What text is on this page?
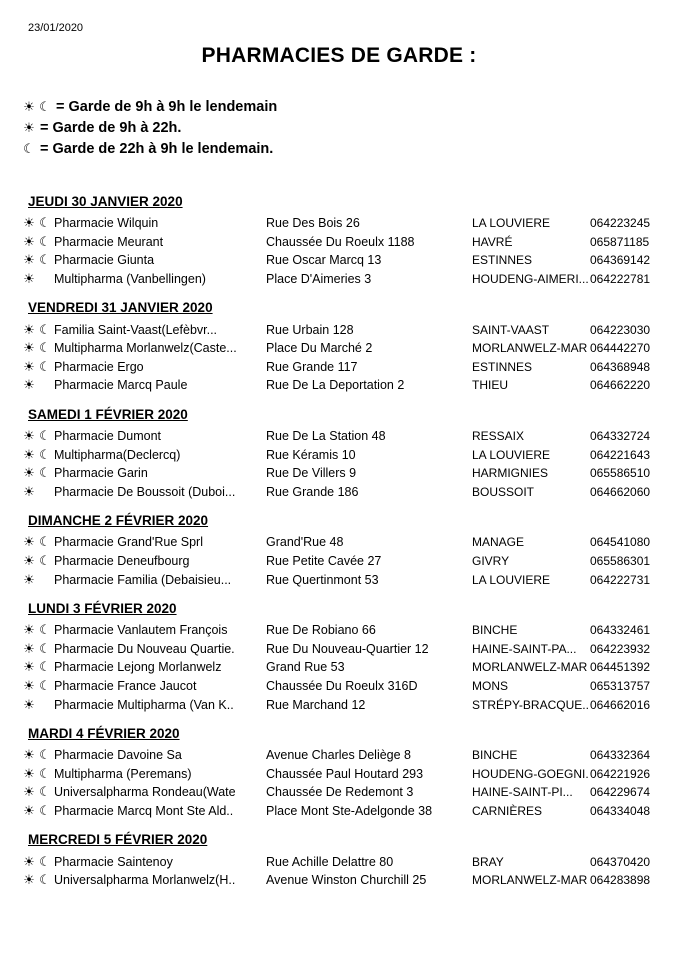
23/01/2020
PHARMACIES DE GARDE :
☀ ☾ = Garde de 9h à 9h le lendemain
☀ = Garde de 9h à 22h.
☾ = Garde de 22h à 9h le lendemain.
JEUDI 30 JANVIER 2020
☀ ☾ Pharmacie Wilquin	Rue Des Bois 26	LA LOUVIERE	064223245
☀ ☾ Pharmacie Meurant	Chaussée Du Roeulx 1188	HAVRÉ	065871185
☀ ☾ Pharmacie Giunta	Rue Oscar Marcq 13	ESTINNES	064369142
☀ Multipharma (Vanbellingen)	Place D'Aimeries 3	HOUDENG-AIMERI... 064222781
VENDREDI 31 JANVIER 2020
☀ ☾ Familia Saint-Vaast(Lefèbvr...	Rue Urbain 128	SAINT-VAAST	064223030
☀ ☾ Multipharma Morlanwelz(Caste...	Place Du Marché 2	MORLANWELZ-MAR 064442270
☀ ☾ Pharmacie Ergo	Rue Grande 117	ESTINNES	064368948
☀ Pharmacie Marcq Paule	Rue De La Deportation 2	THIEU	064662220
SAMEDI 1 FÉVRIER 2020
☀ ☾ Pharmacie Dumont	Rue De La Station 48	RESSAIX	064332724
☀ ☾ Multipharma(Declercq)	Rue Kéramis 10	LA LOUVIERE	064221643
☀ ☾ Pharmacie Garin	Rue De Villers 9	HARMIGNIES	065586510
☀ Pharmacie De Boussoit (Duboi...	Rue Grande 186	BOUSSOIT	064662060
DIMANCHE 2 FÉVRIER 2020
☀ ☾ Pharmacie Grand'Rue Sprl	Grand'Rue 48	MANAGE	064541080
☀ ☾ Pharmacie Deneufbourg	Rue Petite Cavée 27	GIVRY	065586301
☀ Pharmacie Familia (Debaisieu...	Rue Quertinmont 53	LA LOUVIERE	064222731
LUNDI 3 FÉVRIER 2020
☀ ☾ Pharmacie Vanlautem François	Rue De Robiano 66	BINCHE	064332461
☀ ☾ Pharmacie Du Nouveau Quartie.	Rue Du Nouveau-Quartier 12	HAINE-SAINT-PA...	064223932
☀ ☾ Pharmacie Lejong Morlanwelz	Grand Rue 53	MORLANWELZ-MAR 064451392
☀ ☾ Pharmacie France Jaucot	Chaussée Du Roeulx 316D	MONS	065313757
☀ Pharmacie Multipharma (Van K..	Rue Marchand 12	STRÉPY-BRACQUE.. 064662016
MARDI 4 FÉVRIER 2020
☀ ☾ Pharmacie Davoine Sa	Avenue Charles Deliège 8	BINCHE	064332364
☀ ☾ Multipharma (Peremans)	Chaussée Paul Houtard 293	HOUDENG-GOEGNI. 064221926
☀ ☾ Universalpharma Rondeau(Wate	Chaussée De Redemont 3	HAINE-SAINT-PI...	064229674
☀ ☾ Pharmacie Marcq Mont Ste Ald..	Place Mont Ste-Adelgonde 38	CARNIÈRES	064334048
MERCREDI 5 FÉVRIER 2020
☀ ☾ Pharmacie Saintenoy	Rue Achille Delattre 80	BRAY	064370420
☀ ☾ Universalpharma Morlanwelz(H..	Avenue Winston Churchill 25	MORLANWELZ-MAR 064283898
